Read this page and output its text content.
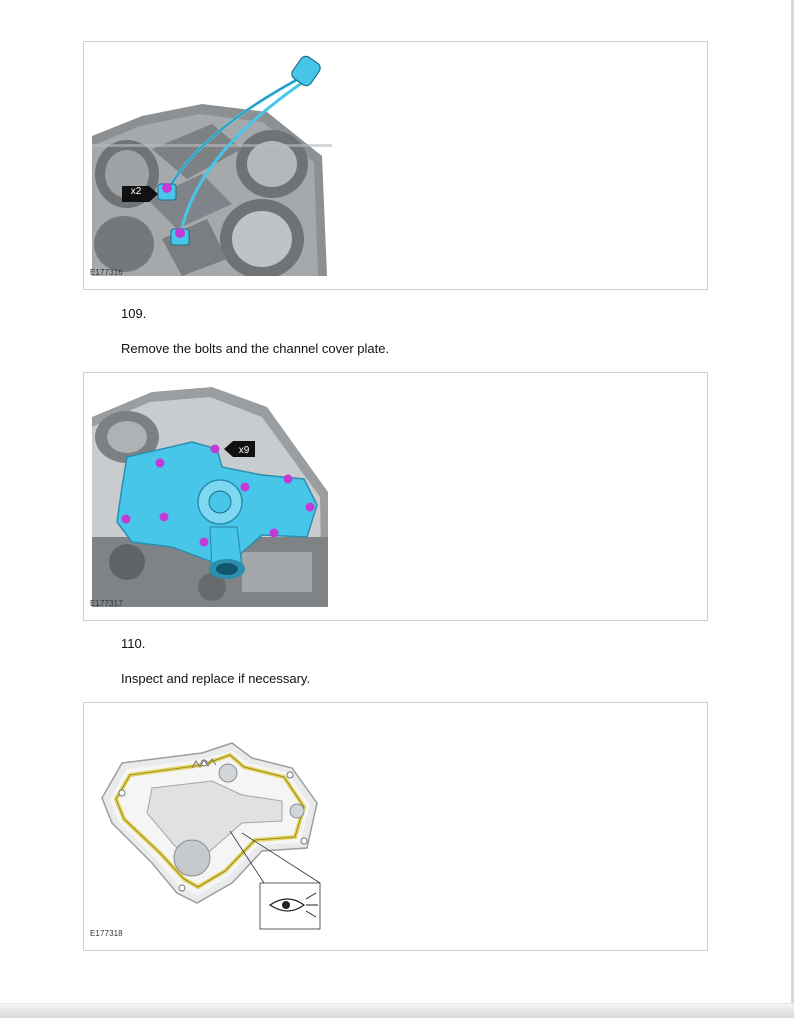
x2
E177316
109.
Remove the bolts and the channel cover plate.
x9
E177317
110.
Inspect and replace if necessary.
E177318
